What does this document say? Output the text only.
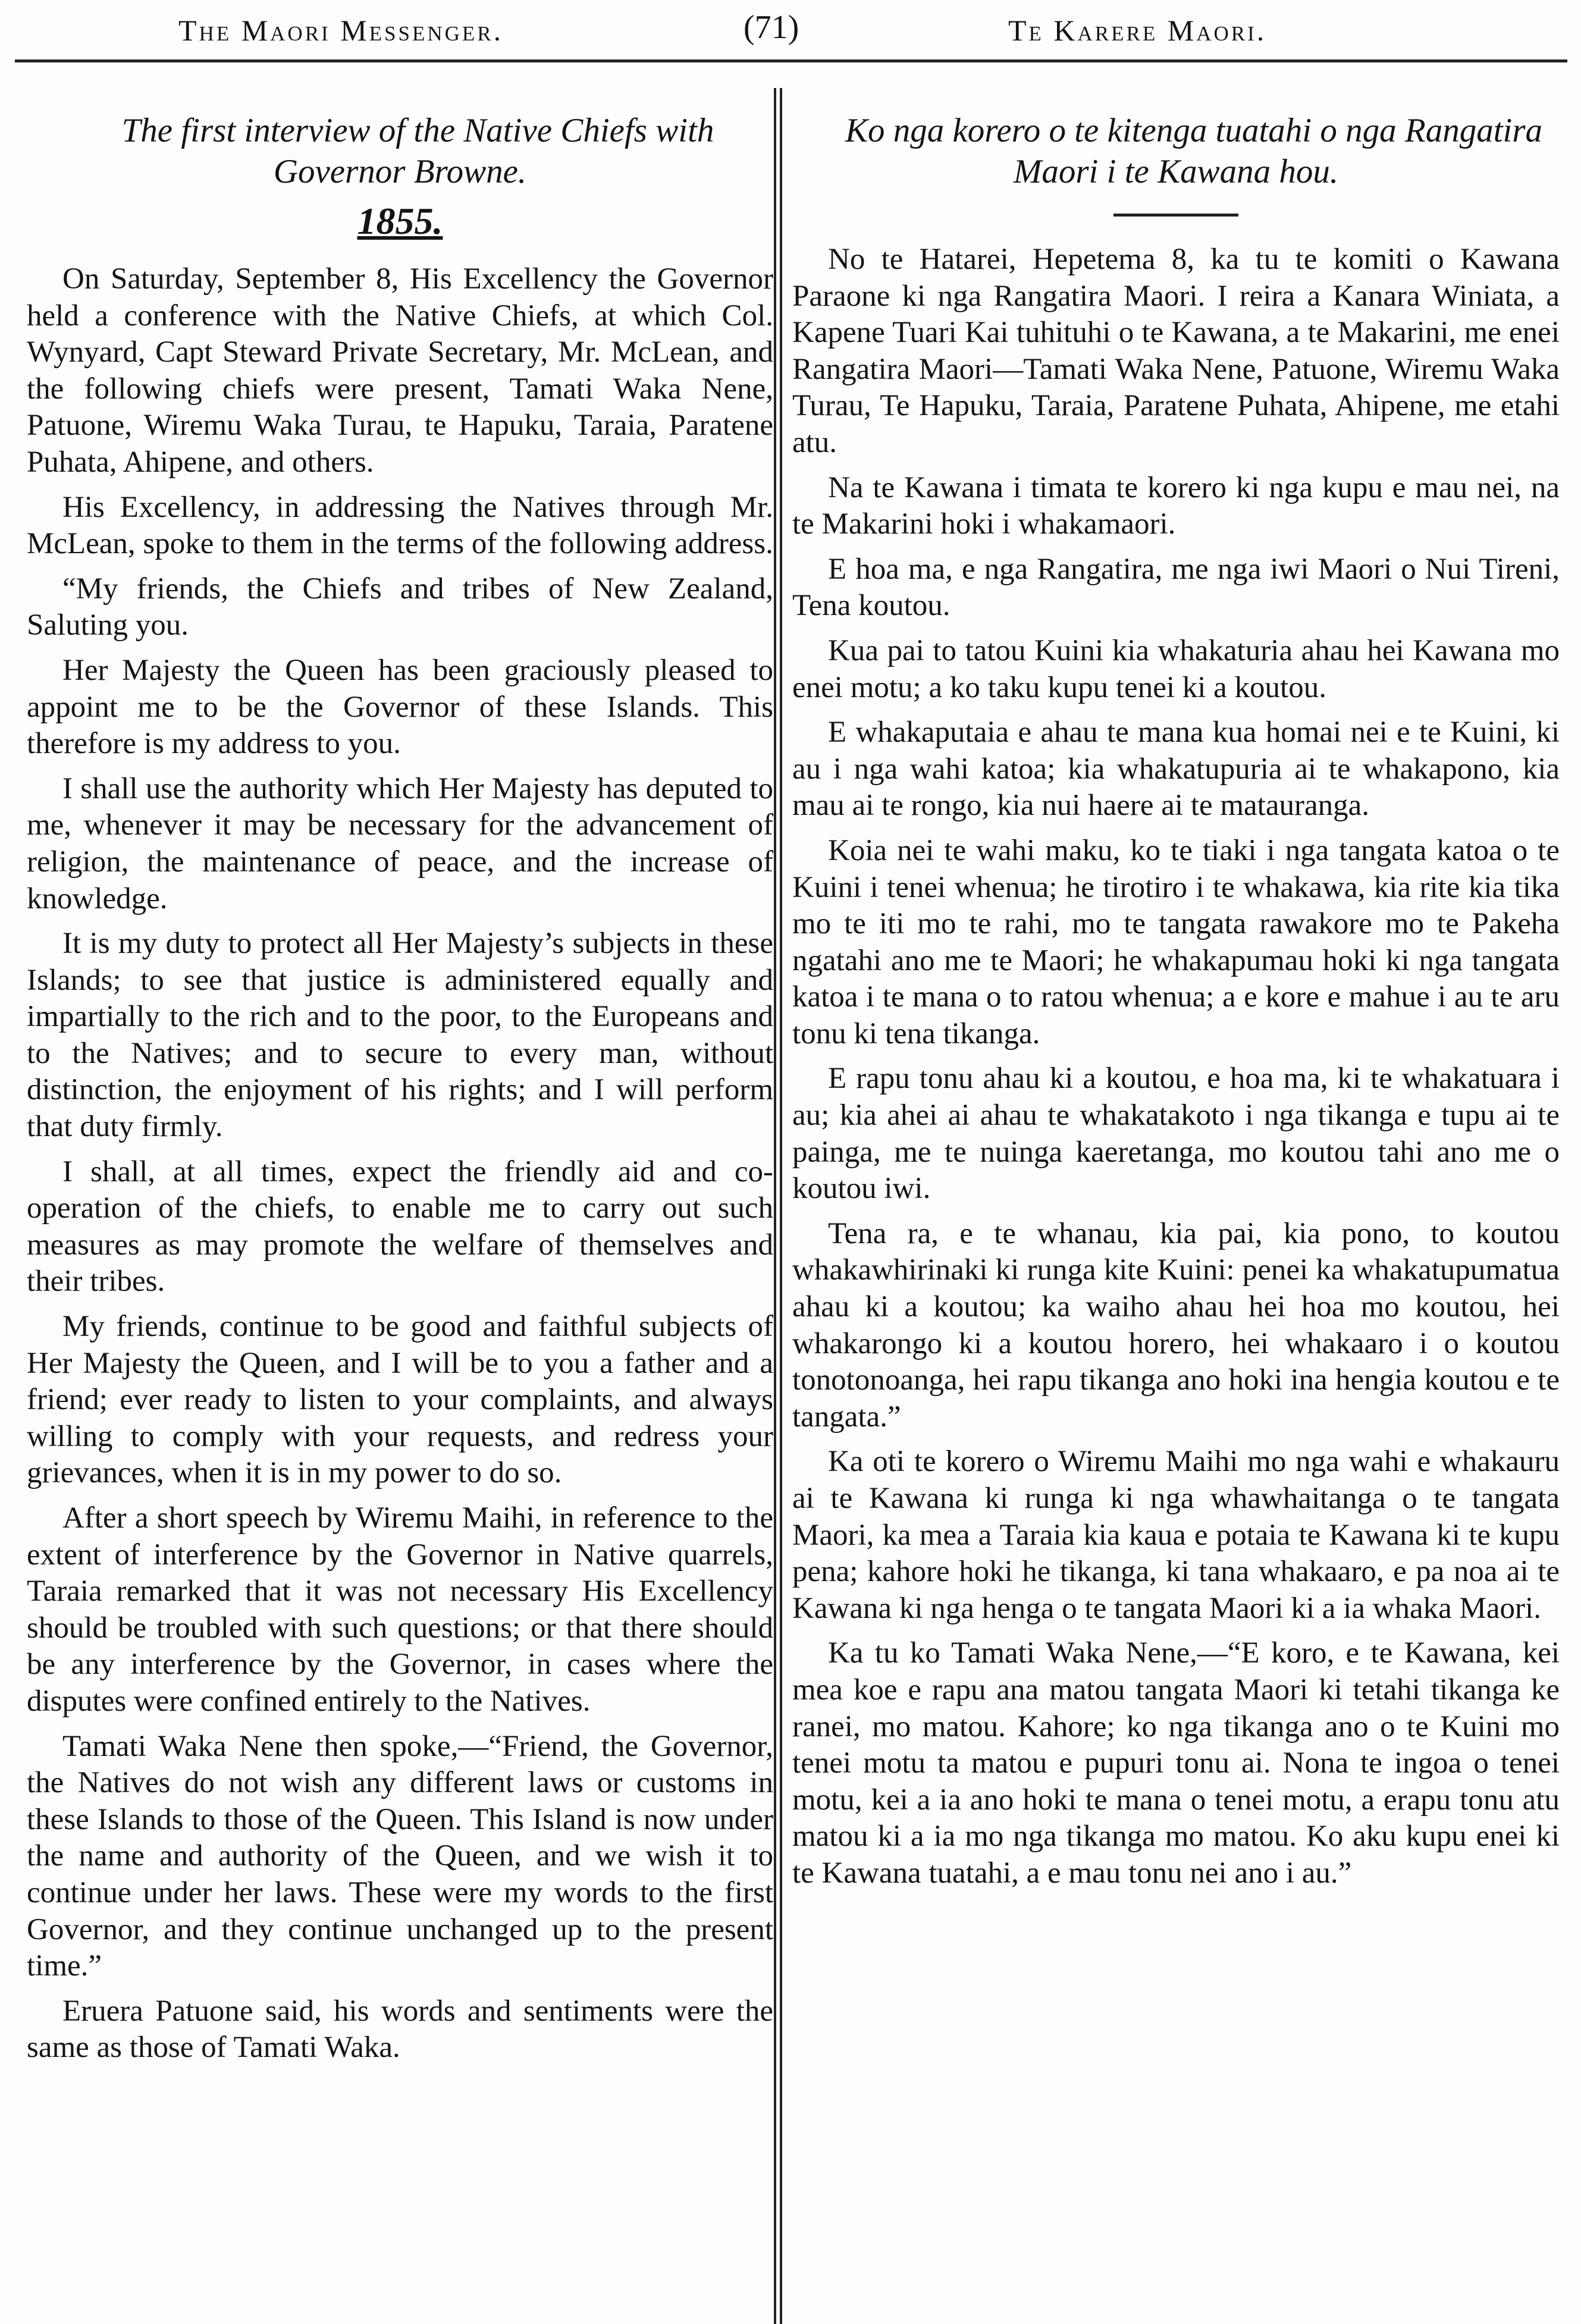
The Maori Messenger.	(71)	Te Karere Maori.

The first interview of the Native Chiefs with Governor Browne.

1855.

On Saturday, September 8, His Excellency the Governor held a conference with the Native Chiefs, at which Col. Wynyard, Capt Steward Private Secretary, Mr. McLean, and the following chiefs were present, Tamati Waka Nene, Patuone, Wiremu Waka Turau, te Hapuku, Taraia, Paratene Puhata, Ahipene, and others.

His Excellency, in addressing the Natives through Mr. McLean, spoke to them in the terms of the following address.

“My friends, the Chiefs and tribes of New Zealand, Saluting you.

Her Majesty the Queen has been graciously pleased to appoint me to be the Governor of these Islands. This therefore is my address to you.

I shall use the authority which Her Majesty has deputed to me, whenever it may be necessary for the advancement of religion, the maintenance of peace, and the increase of knowledge.

It is my duty to protect all Her Majesty’s subjects in these Islands; to see that justice is administered equally and impartially to the rich and to the poor, to the Europeans and to the Natives; and to secure to every man, without distinction, the enjoyment of his rights; and I will perform that duty firmly.

I shall, at all times, expect the friendly aid and co-operation of the chiefs, to enable me to carry out such measures as may promote the welfare of themselves and their tribes.

My friends, continue to be good and faithful subjects of Her Majesty the Queen, and I will be to you a father and a friend; ever ready to listen to your complaints, and always willing to comply with your requests, and redress your grievances, when it is in my power to do so.

After a short speech by Wiremu Maihi, in reference to the extent of interference by the Governor in Native quarrels, Taraia remarked that it was not necessary His Excellency should be troubled with such questions; or that there should be any interference by the Governor, in cases where the disputes were confined entirely to the Natives.

Tamati Waka Nene then spoke,—“Friend, the Governor, the Natives do not wish any different laws or customs in these Islands to those of the Queen. This Island is now under the name and authority of the Queen, and we wish it to continue under her laws. These were my words to the first Governor, and they continue unchanged up to the present time.”

Eruera Patuone said, his words and sentiments were the same as those of Tamati Waka.

Ko nga korero o te kitenga tuatahi o nga Rangatira Maori i te Kawana hou.

No te Hatarei, Hepetema 8, ka tu te komiti o Kawana Paraone ki nga Rangatira Maori. I reira a Kanara Winiata, a Kapene Tuari Kai tuhituhi o te Kawana, a te Makarini, me enei Rangatira Maori—Tamati Waka Nene, Patuone, Wiremu Waka Turau, Te Hapuku, Taraia, Paratene Puhata, Ahipene, me etahi atu.

Na te Kawana i timata te korero ki nga kupu e mau nei, na te Makarini hoki i whakamaori.

E hoa ma, e nga Rangatira, me nga iwi Maori o Nui Tireni, Tena koutou.

Kua pai to tatou Kuini kia whakaturia ahau hei Kawana mo enei motu; a ko taku kupu tenei ki a koutou.

E whakaputaia e ahau te mana kua homai nei e te Kuini, ki au i nga wahi katoa; kia whakatupuria ai te whakapono, kia mau ai te rongo, kia nui haere ai te matauranga.

Koia nei te wahi maku, ko te tiaki i nga tangata katoa o te Kuini i tenei whenua; he tirotiro i te whakawa, kia rite kia tika mo te iti mo te rahi, mo te tangata rawakore mo te Pakeha ngatahi ano me te Maori; he whakapumau hoki ki nga tangata katoa i te mana o to ratou whenua; a e kore e mahue i au te aru tonu ki tena tikanga.

E rapu tonu ahau ki a koutou, e hoa ma, ki te whakatuara i au; kia ahei ai ahau te whakatakoto i nga tikanga e tupu ai te painga, me te nuinga kaeretanga, mo koutou tahi ano me o koutou iwi.

Tena ra, e te whanau, kia pai, kia pono, to koutou whakawhirinaki ki runga kite Kuini: penei ka whakatupumatua ahau ki a koutou; ka waiho ahau hei hoa mo koutou, hei whakarongo ki a koutou horero, hei whakaaro i o koutou tonotonoanga, hei rapu tikanga ano hoki ina hengia koutou e te tangata.”

Ka oti te korero o Wiremu Maihi mo nga wahi e whakauru ai te Kawana ki runga ki nga whawhaitanga o te tangata Maori, ka mea a Taraia kia kaua e potaia te Kawana ki te kupu pena; kahore hoki he tikanga, ki tana whakaaro, e pa noa ai te Kawana ki nga henga o te tangata Maori ki a ia whaka Maori.

Ka tu ko Tamati Waka Nene,—“E koro, e te Kawana, kei mea koe e rapu ana matou tangata Maori ki tetahi tikanga ke ranei, mo matou. Kahore; ko nga tikanga ano o te Kuini mo tenei motu ta matou e pupuri tonu ai. Nona te ingoa o tenei motu, kei a ia ano hoki te mana o tenei motu, a erapu tonu atu matou ki a ia mo nga tikanga mo matou. Ko aku kupu enei ki te Kawana tuatahi, a e mau tonu nei ano i au.”
